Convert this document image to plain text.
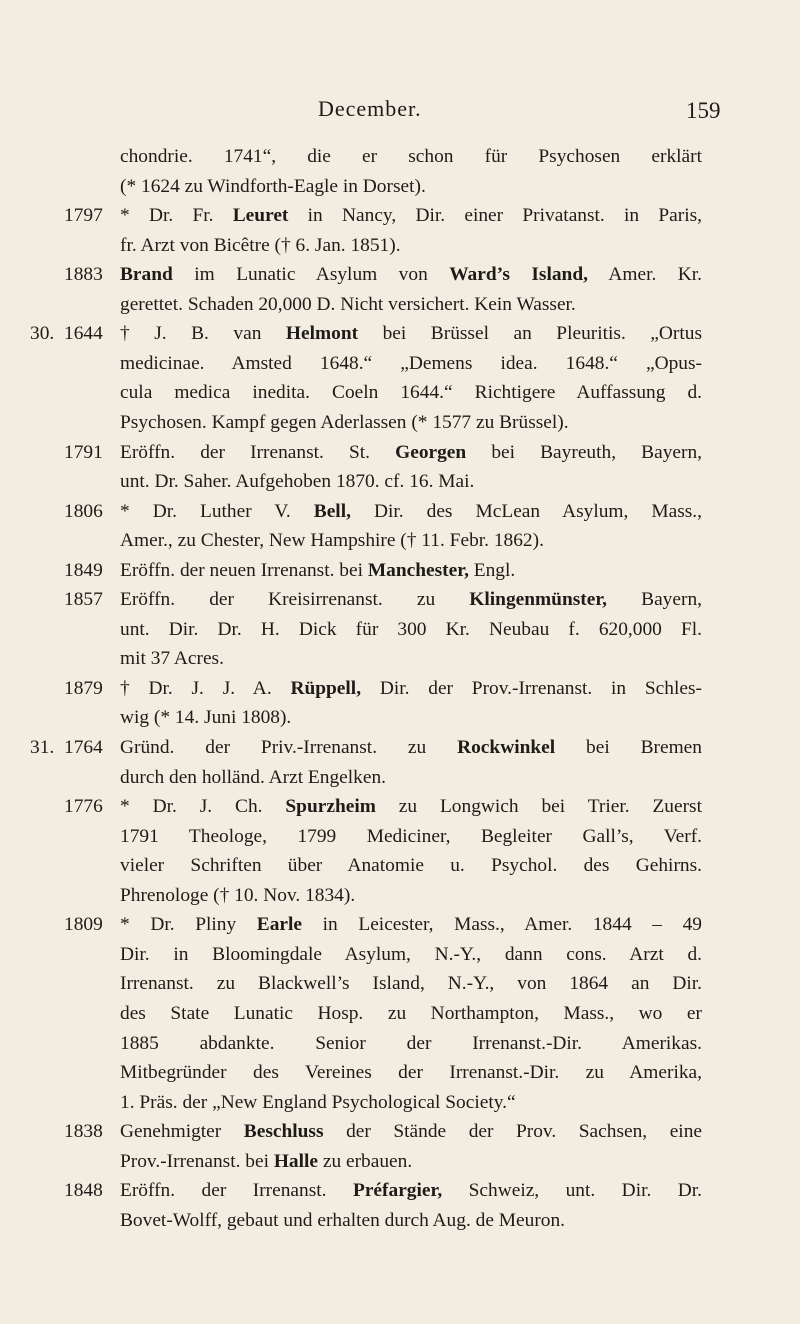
December.	159
chondrie. 1741“, die er schon für Psychosen erklärt
(* 1624 zu Windforth-Eagle in Dorset).
1797 * Dr. Fr. Leuret in Nancy, Dir. einer Privatanst. in Paris,
fr. Arzt von Bicêtre († 6. Jan. 1851).
1883 Brand im Lunatic Asylum von Ward’s Island, Amer. Kr.
gerettet. Schaden 20,000 D. Nicht versichert. Kein Wasser.
30. 1644 † J. B. van Helmont bei Brüssel an Pleuritis. „Ortus
medicinae. Amsted 1648.“ „Demens idea. 1648.“ „Opus-
cula medica inedita. Coeln 1644.“ Richtigere Auffassung d.
Psychosen. Kampf gegen Aderlassen (* 1577 zu Brüssel).
1791 Eröffn. der Irrenanst. St. Georgen bei Bayreuth, Bayern,
unt. Dr. Saher. Aufgehoben 1870. cf. 16. Mai.
1806 * Dr. Luther V. Bell, Dir. des McLean Asylum, Mass.,
Amer., zu Chester, New Hampshire († 11. Febr. 1862).
1849 Eröffn. der neuen Irrenanst. bei Manchester, Engl.
1857 Eröffn. der Kreisirrenanst. zu Klingenmünster, Bayern,
unt. Dir. Dr. H. Dick für 300 Kr. Neubau f. 620,000 Fl.
mit 37 Acres.
1879 † Dr. J. J. A. Rüppell, Dir. der Prov.-Irrenanst. in Schles-
wig (* 14. Juni 1808).
31. 1764 Gründ. der Priv.-Irrenanst. zu Rockwinkel bei Bremen
durch den holländ. Arzt Engelken.
1776 * Dr. J. Ch. Spurzheim zu Longwich bei Trier. Zuerst
1791 Theologe, 1799 Mediciner, Begleiter Gall’s, Verf.
vieler Schriften über Anatomie u. Psychol. des Gehirns.
Phrenologe († 10. Nov. 1834).
1809 * Dr. Pliny Earle in Leicester, Mass., Amer. 1844 – 49
Dir. in Bloomingdale Asylum, N.-Y., dann cons. Arzt d.
Irrenanst. zu Blackwell’s Island, N.-Y., von 1864 an Dir.
des State Lunatic Hosp. zu Northampton, Mass., wo er
1885 abdankte. Senior der Irrenanst.-Dir. Amerikas.
Mitbegründer des Vereines der Irrenanst.-Dir. zu Amerika,
1. Präs. der „New England Psychological Society.“
1838 Genehmigter Beschluss der Stände der Prov. Sachsen, eine
Prov.-Irrenanst. bei Halle zu erbauen.
1848 Eröffn. der Irrenanst. Préfargier, Schweiz, unt. Dir. Dr.
Bovet-Wolff, gebaut und erhalten durch Aug. de Meuron.
